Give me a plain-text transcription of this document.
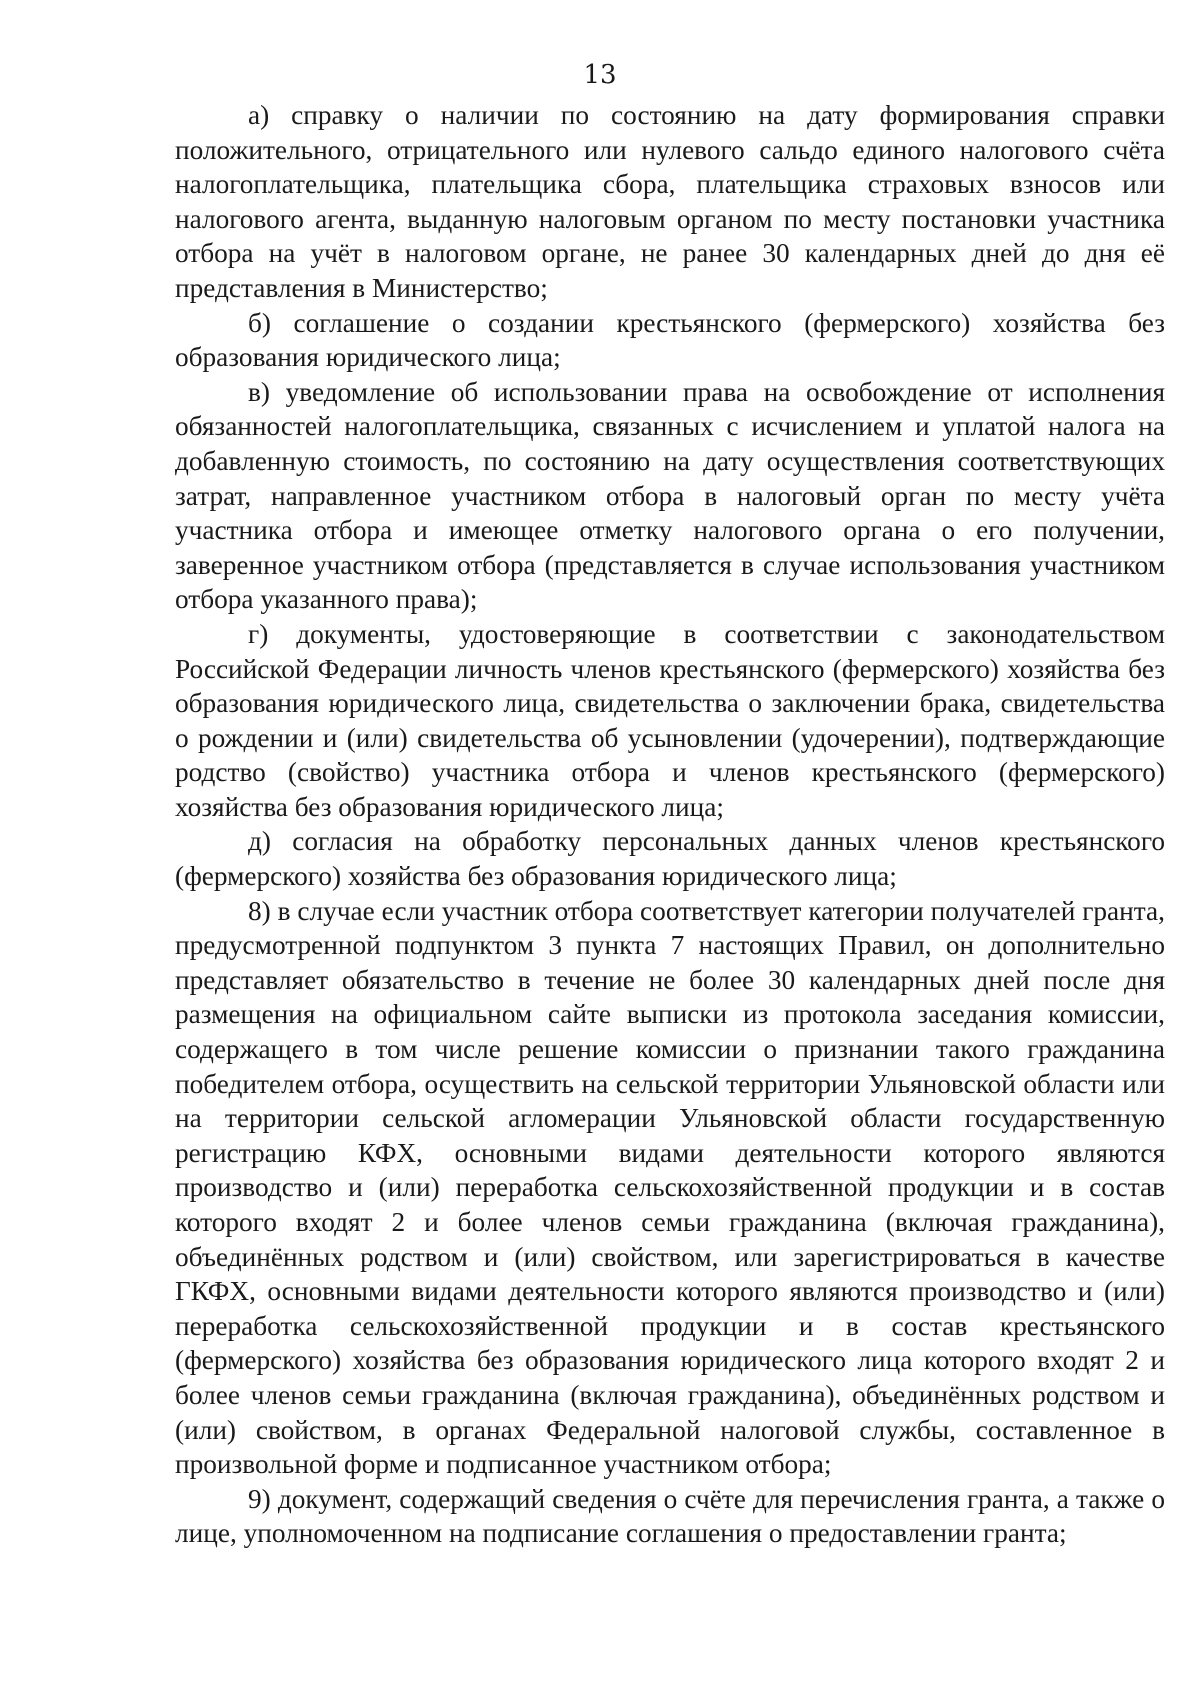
13

а) справку о наличии по состоянию на дату формирования справки положительного, отрицательного или нулевого сальдо единого налогового счёта налогоплательщика, плательщика сбора, плательщика страховых взносов или налогового агента, выданную налоговым органом по месту постановки участника отбора на учёт в налоговом органе, не ранее 30 календарных дней до дня её представления в Министерство;

б) соглашение о создании крестьянского (фермерского) хозяйства без образования юридического лица;

в) уведомление об использовании права на освобождение от исполнения обязанностей налогоплательщика, связанных с исчислением и уплатой налога на добавленную стоимость, по состоянию на дату осуществления соответствующих затрат, направленное участником отбора в налоговый орган по месту учёта участника отбора и имеющее отметку налогового органа о его получении, заверенное участником отбора (представляется в случае использования участником отбора указанного права);

г) документы, удостоверяющие в соответствии с законодательством Российской Федерации личность членов крестьянского (фермерского) хозяйства без образования юридического лица, свидетельства о заключении брака, свидетельства о рождении и (или) свидетельства об усыновлении (удочерении), подтверждающие родство (свойство) участника отбора и членов крестьянского (фермерского) хозяйства без образования юридического лица;

д) согласия на обработку персональных данных членов крестьянского (фермерского) хозяйства без образования юридического лица;

8) в случае если участник отбора соответствует категории получателей гранта, предусмотренной подпунктом 3 пункта 7 настоящих Правил, он дополнительно представляет обязательство в течение не более 30 календарных дней после дня размещения на официальном сайте выписки из протокола заседания комиссии, содержащего в том числе решение комиссии о признании такого гражданина победителем отбора, осуществить на сельской территории Ульяновской области или на территории сельской агломерации Ульяновской области государственную регистрацию КФХ, основными видами деятельности которого являются производство и (или) переработка сельскохозяйственной продукции и в состав которого входят 2 и более членов семьи гражданина (включая гражданина), объединённых родством и (или) свойством, или зарегистрироваться в качестве ГКФХ, основными видами деятельности которого являются производство и (или) переработка сельскохозяйственной продукции и в состав крестьянского (фермерского) хозяйства без образования юридического лица которого входят 2 и более членов семьи гражданина (включая гражданина), объединённых родством и (или) свойством, в органах Федеральной налоговой службы, составленное в произвольной форме и подписанное участником отбора;

9) документ, содержащий сведения о счёте для перечисления гранта, а также о лице, уполномоченном на подписание соглашения о предоставлении гранта;
